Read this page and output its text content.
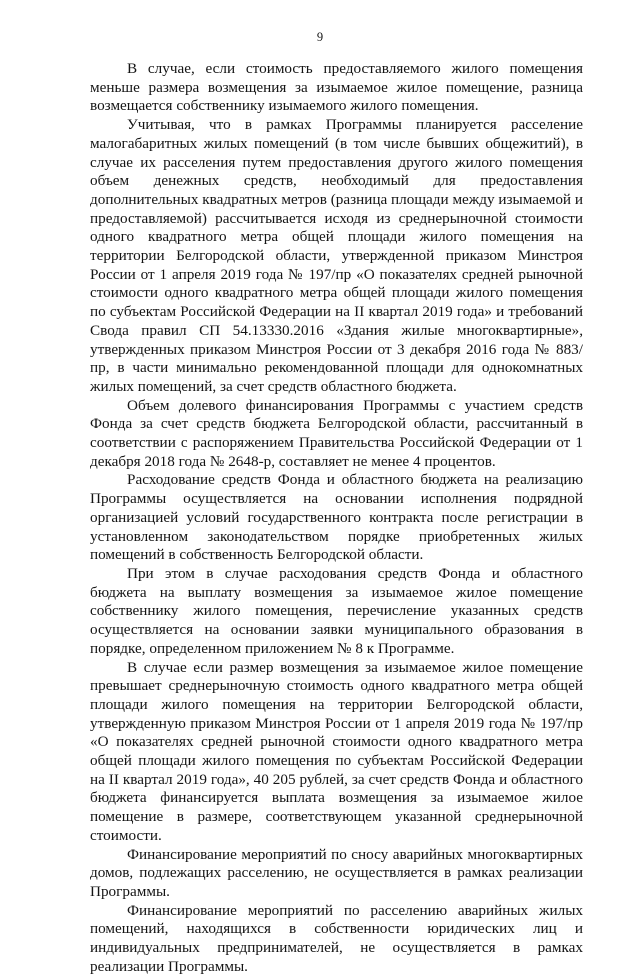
9

В случае, если стоимость предоставляемого жилого помещения меньше размера возмещения за изымаемое жилое помещение, разница возмещается собственнику изымаемого жилого помещения.

Учитывая, что в рамках Программы планируется расселение малогабаритных жилых помещений (в том числе бывших общежитий), в случае их расселения путем предоставления другого жилого помещения объем денежных средств, необходимый для предоставления дополнительных квадратных метров (разница площади между изымаемой и предоставляемой) рассчитывается исходя из среднерыночной стоимости одного квадратного метра общей площади жилого помещения на территории Белгородской области, утвержденной приказом Минстроя России от 1 апреля 2019 года № 197/пр «О показателях средней рыночной стоимости одного квадратного метра общей площади жилого помещения по субъектам Российской Федерации на II квартал 2019 года» и требований Свода правил СП 54.13330.2016 «Здания жилые многоквартирные», утвержденных приказом Минстроя России от 3 декабря 2016 года № 883/пр, в части минимально рекомендованной площади для однокомнатных жилых помещений, за счет средств областного бюджета.

Объем долевого финансирования Программы с участием средств Фонда за счет средств бюджета Белгородской области, рассчитанный в соответствии с распоряжением Правительства Российской Федерации от 1 декабря 2018 года № 2648-р, составляет не менее 4 процентов.

Расходование средств Фонда и областного бюджета на реализацию Программы осуществляется на основании исполнения подрядной организацией условий государственного контракта после регистрации в установленном законодательством порядке приобретенных жилых помещений в собственность Белгородской области.

При этом в случае расходования средств Фонда и областного бюджета на выплату возмещения за изымаемое жилое помещение собственнику жилого помещения, перечисление указанных средств осуществляется на основании заявки муниципального образования в порядке, определенном приложением № 8 к Программе.

В случае если размер возмещения за изымаемое жилое помещение превышает среднерыночную стоимость одного квадратного метра общей площади жилого помещения на территории Белгородской области, утвержденную приказом Минстроя России от 1 апреля 2019 года № 197/пр «О показателях средней рыночной стоимости одного квадратного метра общей площади жилого помещения по субъектам Российской Федерации на II квартал 2019 года», 40 205 рублей, за счет средств Фонда и областного бюджета финансируется выплата возмещения за изымаемое жилое помещение в размере, соответствующем указанной среднерыночной стоимости.

Финансирование мероприятий по сносу аварийных многоквартирных домов, подлежащих расселению, не осуществляется в рамках реализации Программы.

Финансирование мероприятий по расселению аварийных жилых помещений, находящихся в собственности юридических лиц и индивидуальных предпринимателей, не осуществляется в рамках реализации Программы.
